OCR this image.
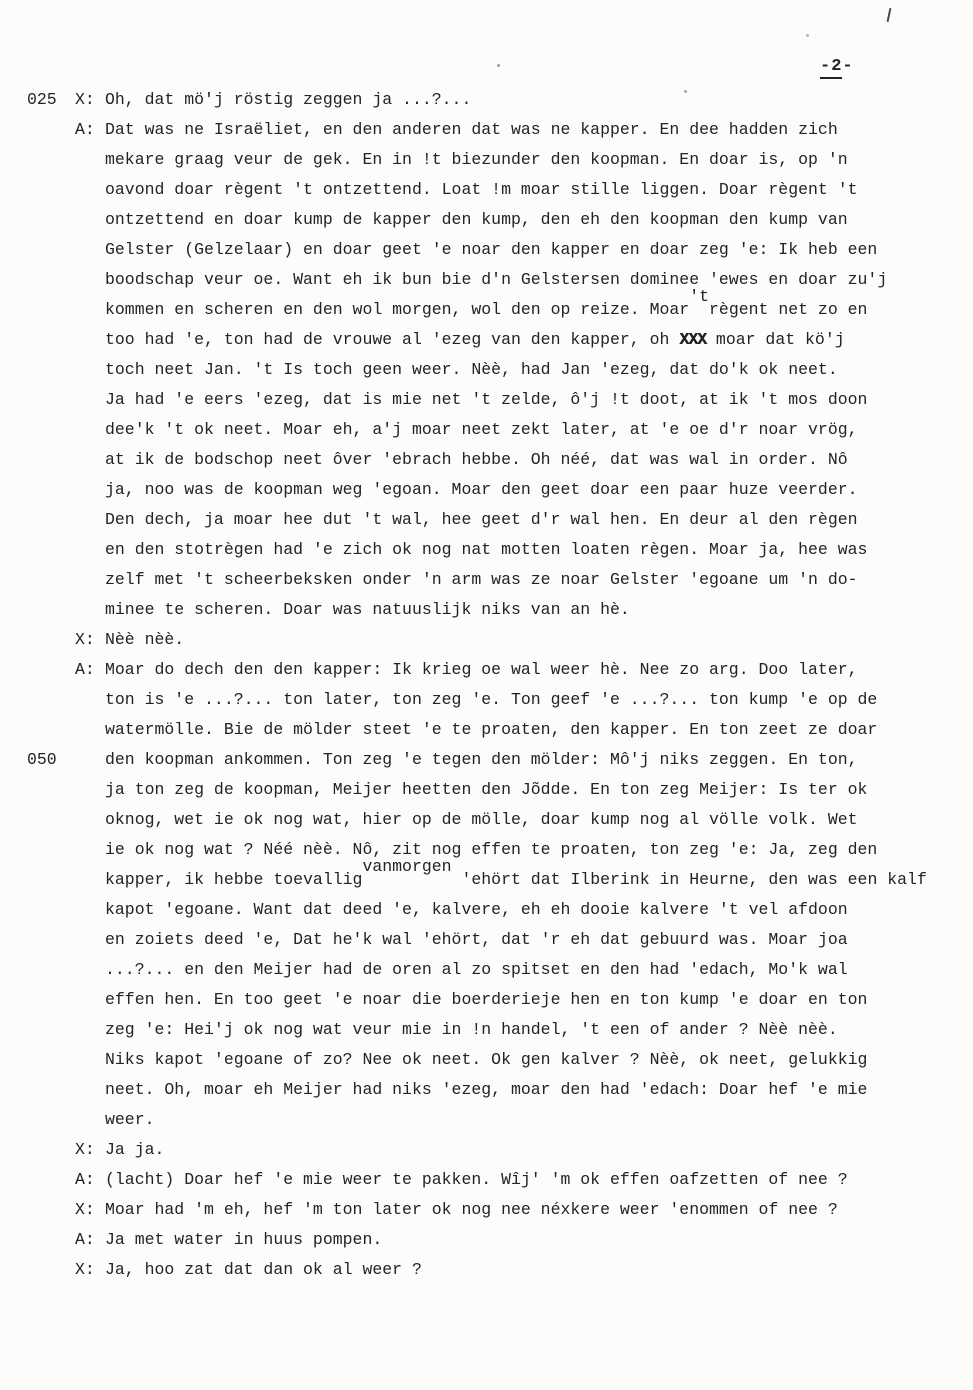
-2-
025	X: Oh, dat mö'j röstig zeggen ja ...?...
A: Dat was ne Israëliet, en den anderen dat was ne kapper. En dee hadden zich
mekare graag veur de gek. En in !t biezunder den koopman. En doar is, op 'n
oavond doar règent 't ontzettend. Loat !m moar stille liggen. Doar règent 't
ontzettend en doar kump de kapper den kump, den eh den koopman den kump van
Gelster (Gelzelaar) en doar geet 'e noar den kapper en doar zeg 'e: Ik heb een
boodschap veur oe. Want eh ik bun bie d'n Gelstersen dominee 'ewes en doar zu'j
kommen en scheren en den wol morgen, wol den op reize. Moar'trègent net zo en
too had 'e, ton had de vrouwe al 'ezeg van den kapper, oh XXX moar dat kö'j
toch neet Jan. 't Is toch geen weer. Nèè, had Jan 'ezeg, dat do'k ok neet.
Ja had 'e eers 'ezeg, dat is mie net 't zelde, ô'j !t doot, at ik 't mos doon
dee'k 't ok neet. Moar eh, a'j moar neet zekt later, at 'e oe d'r noar vrög,
at ik de bodschop neet ôver 'ebrach hebbe. Oh néé, dat was wal in order. Nô
ja, noo was de koopman weg 'egoan. Moar den geet doar een paar huze veerder.
Den dech, ja moar hee dut 't wal, hee geet d'r wal hen. En deur al den règen
en den stotrègen had 'e zich ok nog nat motten loaten règen. Moar ja, hee was
zelf met 't scheerbeksken onder 'n arm was ze noar Gelster 'egoane um 'n do-
minee te scheren. Doar was natuuslijk niks van an hè.
X: Nèè nèè.
A: Moar do dech den den kapper: Ik krieg oe wal weer hè. Nee zo arg. Doo later,
ton is 'e ...?... ton later, ton zeg 'e. Ton geef 'e ...?... ton kump 'e op de
watermölle. Bie de mölder steet 'e te proaten, den kapper. En ton zeet ze doar
050	den koopman ankommen. Ton zeg 'e tegen den mölder: Mô'j niks zeggen. En ton,
ja ton zeg de koopman, Meijer heetten den Jõdde. En ton zeg Meijer: Is ter ok
oknog, wet ie ok nog wat, hier op de mölle, doar kump nog al völle volk. Wet
ie ok nog wat ? Néé nèè. Nô, zit nog effen te proaten, ton zeg 'e: Ja, zeg den
kapper, ik hebbe toevalligvanmorgen 'ehört dat Ilberink in Heurne, den was een kalf
kapot 'egoane. Want dat deed 'e, kalvere, eh eh dooie kalvere 't vel afdoon
en zoiets deed 'e, Dat he'k wal 'ehört, dat 'r eh dat gebuurd was. Moar joa
...?... en den Meijer had de oren al zo spitset en den had 'edach, Mo'k wal
effen hen. En too geet 'e noar die boerderieje hen en ton kump 'e doar en ton
zeg 'e: Hei'j ok nog wat veur mie in !n handel, 't een of ander ? Nèè nèè.
Niks kapot 'egoane of zo? Nee ok neet. Ok gen kalver ? Nèè, ok neet, gelukkig
neet. Oh, moar eh Meijer had niks 'ezeg, moar den had 'edach: Doar hef 'e mie
weer.
X: Ja ja.
A: (lacht) Doar hef 'e mie weer te pakken. Wîj' 'm ok effen oafzetten of nee ?
X: Moar had 'm eh, hef 'm ton later ok nog nee néxkere weer 'enommen of nee ?
A: Ja met water in huus pompen.
X: Ja, hoo zat dat dan ok al weer ?
